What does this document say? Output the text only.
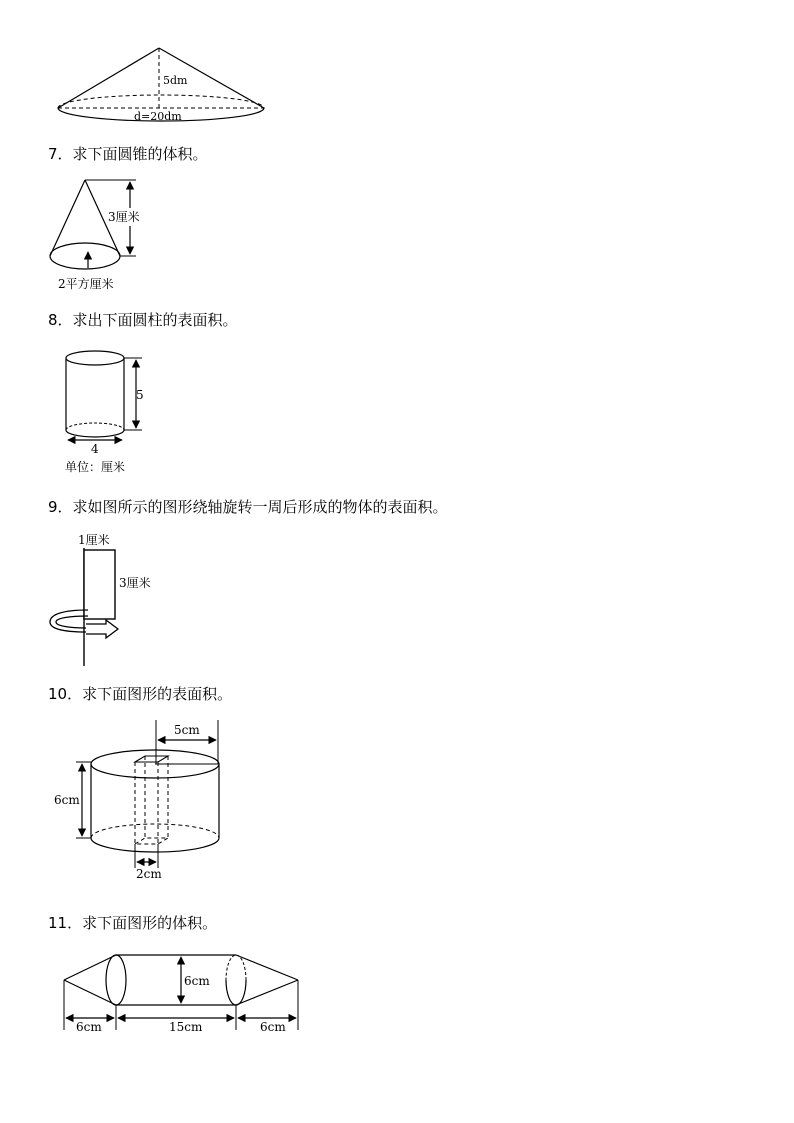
5dm
d=20dm
7．求下面圆锥的体积。
3厘米
2平方厘米
8．求出下面圆柱的表面积。
5
4
单位：厘米
9．求如图所示的图形绕轴旋转一周后形成的物体的表面积。
1厘米
3厘米
10．求下面图形的表面积。
5cm
6cm
2cm
11．求下面图形的体积。
6cm
6cm	15cm	6cm
